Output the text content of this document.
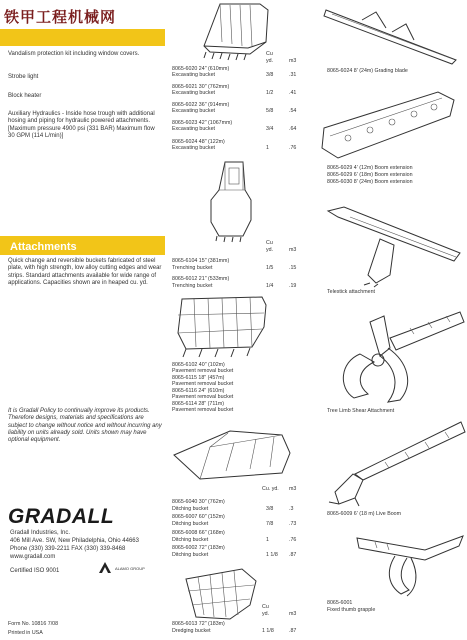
铁甲工程机械网
Vandalism protection kit including window covers.
Strobe light
Block heater
Auxiliary Hydraulics - Inside hose trough with additional hosing and piping for hydraulic powered attachments. [Maximum pressure 4900 psi (331 BAR) Maximum flow 30 GPM (114 L/min)]
Attachments
Quick change and reversible buckets fabricated of steel plate, with high strength, low alloy cutting edges and wear strips. Standard attachments available for wide range of applications. Capacities shown are in heaped cu. yd.
It is Gradall Policy to continually improve its products. Therefore designs, materials and specifications are subject to change without notice and without incurring any liability on units already sold. Units shown may have optional equipment.
GRADALL
Gradall Industries, Inc.
406 Mill Ave. SW, New Philadelphia, Ohio 44663
Phone (330) 339-2211 FAX (330) 339-8468
www.gradall.com
Certified ISO 9001	ALAMO GROUP
Form No. 10816 7/08
Printed in USA
Cu
yd.	m3
8065-6020 24" (610mm)
Excavating bucket	3/8	.31
8065-6021 30" (762mm)
Excavating bucket	1/2	.41
8065-6022 36" (914mm)
Excavating bucket	5/8	.54
8065-6023 42" (1067mm)
Excavating bucket	3/4	.64
8065-6024 48" (122m)
Excavating bucket	1	.76
Cu
yd.	m3
8065-6104 15" (381mm)
Trenching bucket	1/5	.15
8065-6012 21" (533mm)
Trenching bucket	1/4	.19
8065-6102 40" (102m)
Pavement removal bucket
8065-6115 18" (457m)
Pavement removal bucket
8065-6116 24" (610m)
Pavement removal bucket
8065-6114 28" (711m)
Pavement removal bucket
Cu. yd. m3
8065-6040 30" (762m)
Ditching bucket	3/8	.3
8065-6007 60" (152m)
Ditching bucket	7/8	.73
8065-6008 66" (168m)
Ditching bucket	1	.76
8065-6002 72" (183m)
Ditching bucket	1 1/8 .87
Cu
yd.	m3
8065-6013 72" (183m)
Dredging bucket	1 1/8	.87
8065-6024 8' (24m) Grading blade
8065-6029 4' (12m) Boom extension
8065-6029 6' (18m) Boom extension
8065-6030 8' (24m) Boom extension
Telestick attachment
Tree Limb Shear Attachment
8065-6009 6' (18 m) Live Boom
8065-6001
Fixed thumb grapple
